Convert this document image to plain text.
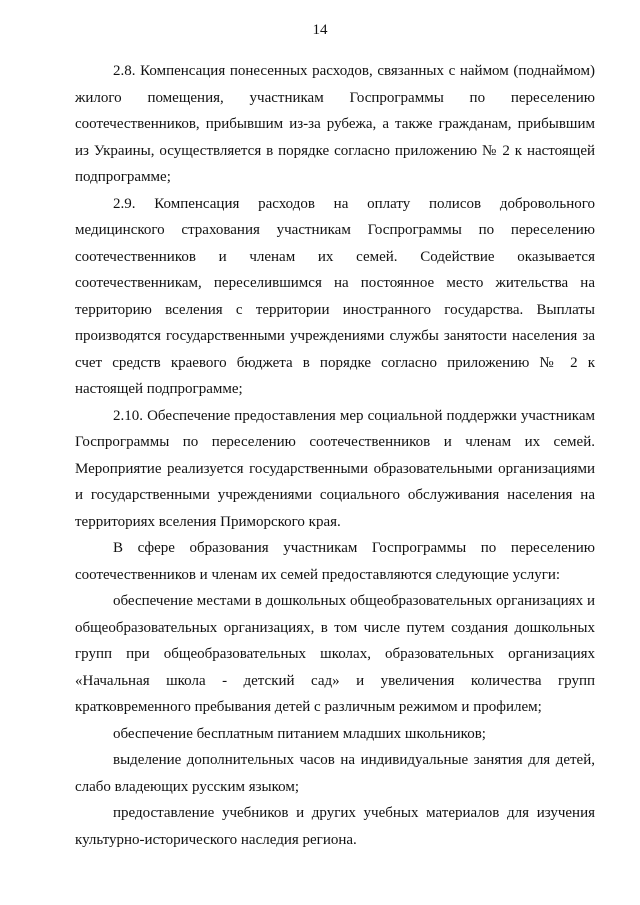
14

2.8. Компенсация понесенных расходов, связанных с наймом (поднаймом) жилого помещения, участникам Госпрограммы по переселению соотечественников, прибывшим из-за рубежа, а также гражданам, прибывшим из Украины, осуществляется в порядке согласно приложению № 2 к настоящей подпрограмме;

2.9. Компенсация расходов на оплату полисов добровольного медицинского страхования участникам Госпрограммы по переселению соотечественников и членам их семей. Содействие оказывается соотечественникам, переселившимся на постоянное место жительства на территорию вселения с территории иностранного государства. Выплаты производятся государственными учреждениями службы занятости населения за счет средств краевого бюджета в порядке согласно приложению № 2 к настоящей подпрограмме;

2.10. Обеспечение предоставления мер социальной поддержки участникам Госпрограммы по переселению соотечественников и членам их семей. Мероприятие реализуется государственными образовательными организациями и государственными учреждениями социального обслуживания населения на территориях вселения Приморского края.

В сфере образования участникам Госпрограммы по переселению соотечественников и членам их семей предоставляются следующие услуги:

обеспечение местами в дошкольных общеобразовательных организациях и общеобразовательных организациях, в том числе путем создания дошкольных групп при общеобразовательных школах, образовательных организациях «Начальная школа - детский сад» и увеличения количества групп кратковременного пребывания детей с различным режимом и профилем;

обеспечение бесплатным питанием младших школьников;

выделение дополнительных часов на индивидуальные занятия для детей, слабо владеющих русским языком;

предоставление учебников и других учебных материалов для изучения культурно-исторического наследия региона.
